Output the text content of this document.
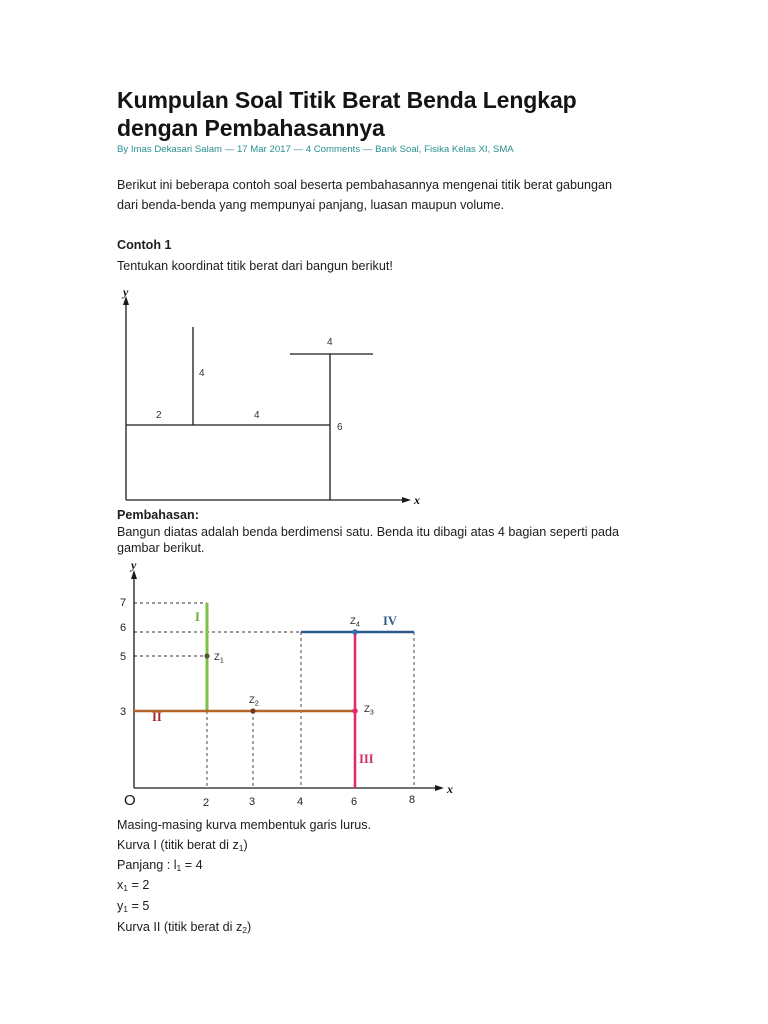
Kumpulan Soal Titik Berat Benda Lengkap
dengan Pembahasannya
By Imas Dekasari Salam — 17 Mar 2017 — 4 Comments — Bank Soal, Fisika Kelas XI, SMA
Berikut ini beberapa contoh soal beserta pembahasannya mengenai titik berat gabungan
dari benda-benda yang mempunyai panjang, luasan maupun volume.
Contoh 1
Tentukan koordinat titik berat dari bangun berikut!
Pembahasan:
Bangun diatas adalah benda berdimensi satu. Benda itu dibagi atas 4 bagian seperti pada
gambar berikut.
Masing-masing kurva membentuk garis lurus.
Kurva I (titik berat di $z_1$)
Panjang : $l_1 = 4$
$x_1 = 2$
$y_1 = 5$
Kurva II (titik berat di $z_2$)
y
x
2	4
4
4
6
y
x
O
7
6
5
3
2	3	4	6	8
I
II
III
IV
$Z_1$
$Z_2$	$Z_3$
$Z_4$
